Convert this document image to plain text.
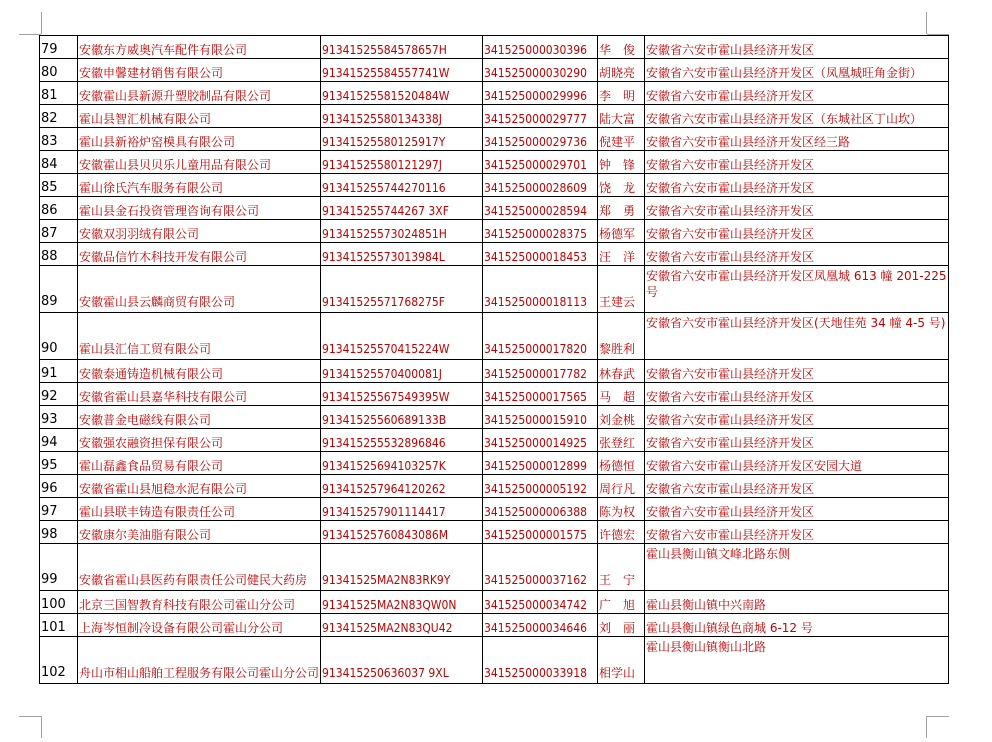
79	安徽东方威奥汽车配件有限公司	91341525584578657H	341525000030396	华　俊	安徽省六安市霍山县经济开发区
80	安徽申馨建材销售有限公司	91341525584557741W	341525000030290	胡晓亮	安徽省六安市霍山县经济开发区（凤凰城旺角金街）
81	安徽霍山县新源升塑胶制品有限公司	91341525581520484W	341525000029996	李　明	安徽省六安市霍山县经济开发区
82	霍山县智汇机械有限公司	91341525580134338J	341525000029777	陆大富	安徽省六安市霍山县经济开发区（东城社区丁山坎）
83	霍山县新裕炉窑模具有限公司	91341525580125917Y	341525000029736	倪建平	安徽省六安市霍山县经济开发区经三路
84	安徽霍山县贝贝乐儿童用品有限公司	91341525580121297J	341525000029701	钟　锋	安徽省六安市霍山县经济开发区
85	霍山徐氏汽车服务有限公司	913415255744270116	341525000028609	饶　龙	安徽省六安市霍山县经济开发区
86	霍山县金石投资管理咨询有限公司	913415255744267 3XF	341525000028594	郑　勇	安徽省六安市霍山县经济开发区
87	安徽双羽羽绒有限公司	91341525573024851H	341525000028375	杨德军	安徽省六安市霍山县经济开发区
88	安徽品信竹木科技开发有限公司	91341525573013984L	341525000018453	汪　洋	安徽省六安市霍山县经济开发区
89	安徽霍山县云麟商贸有限公司	91341525571768275F	341525000018113	王建云	安徽省六安市霍山县经济开发区凤凰城 613 幢 201-225 号
90	霍山县汇信工贸有限公司	91341525570415224W	341525000017820	黎胜利	安徽省六安市霍山县经济开发区(天地佳苑 34 幢 4-5 号)
91	安徽泰通铸造机械有限公司	91341525570400081J	341525000017782	林春武	安徽省六安市霍山县经济开发区
92	安徽省霍山县嘉华科技有限公司	91341525567549395W	341525000017565	马　超	安徽省六安市霍山县经济开发区
93	安徽普金电磁线有限公司	91341525560689133B	341525000015910	刘金桃	安徽省六安市霍山县经济开发区
94	安徽强农融资担保有限公司	913415255532896846	341525000014925	张登红	安徽省六安市霍山县经济开发区
95	霍山磊鑫食品贸易有限公司	91341525694103257K	341525000012899	杨德恒	安徽省六安市霍山县经济开发区安园大道
96	安徽省霍山县旭稳水泥有限公司	913415257964120262	341525000005192	周行凡	安徽省六安市霍山县经济开发区
97	霍山县联丰铸造有限责任公司	913415257901114417	341525000006388	陈为权	安徽省六安市霍山县经济开发区
98	安徽康尔美油脂有限公司	91341525760843086M	341525000001575	许德宏	安徽省六安市霍山县经济开发区
99	安徽省霍山县医药有限责任公司健民大药房	91341525MA2N83RK9Y	341525000037162	王　宁	霍山县衡山镇文峰北路东侧
100	北京三国智教育科技有限公司霍山分公司	91341525MA2N83QW0N	341525000034742	广　旭	霍山县衡山镇中兴南路
101	上海岑恒制冷设备有限公司霍山分公司	91341525MA2N83QU42	341525000034646	刘　丽	霍山县衡山镇绿色商城 6-12 号
102	舟山市相山船舶工程服务有限公司霍山分公司	913415250636037 9XL	341525000033918	相学山	霍山县衡山镇衡山北路
